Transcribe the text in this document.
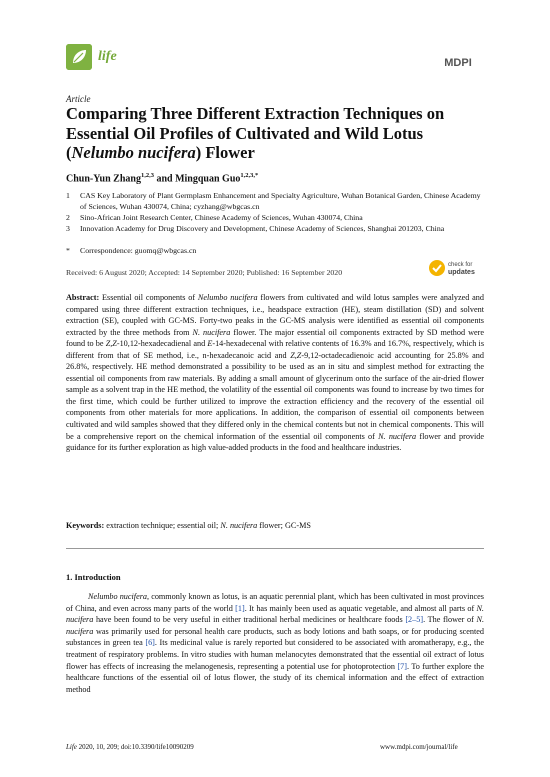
life	MDPI
Article
Comparing Three Different Extraction Techniques on
Essential Oil Profiles of Cultivated and Wild Lotus
(Nelumbo nucifera) Flower
Chun-Yun Zhang$^{1,2,3}$ and Mingquan Guo$^{1,2,3,*}$
1 CAS Key Laboratory of Plant Germplasm Enhancement and Specialty Agriculture, Wuhan Botanical Garden, Chinese Academy of Sciences, Wuhan 430074, China; cyzhang@wbgcas.cn
2 Sino-African Joint Research Center, Chinese Academy of Sciences, Wuhan 430074, China
3 Innovation Academy for Drug Discovery and Development, Chinese Academy of Sciences, Shanghai 201203, China
* Correspondence: guomq@wbgcas.cn
Received: 6 August 2020; Accepted: 14 September 2020; Published: 16 September 2020
check for
updates
Abstract: Essential oil components of Nelumbo nucifera flowers from cultivated and wild lotus samples were analyzed and compared using three different extraction techniques, i.e., headspace extraction (HE), steam distillation (SD) and solvent extraction (SE), coupled with GC-MS. Forty-two peaks in the GC-MS analysis were identified as essential oil components extracted by the three methods from N. nucifera flower. The major essential oil components extracted by SD method were found to be Z,Z-10,12-hexadecadienal and E-14-hexadecenal with relative contents of 16.3% and 16.7%, respectively, which is different from that of SE method, i.e., n-hexadecanoic acid and Z,Z-9,12-octadecadienoic acid accounting for 25.8% and 26.8%, respectively. HE method demonstrated a possibility to be used as an in situ and simplest method for extracting the essential oil components from raw materials. By adding a small amount of glycerinum onto the surface of the air-dried flower sample as a solvent trap in the HE method, the volatility of the essential oil components was found to increase by two times for the first time, which could be further utilized to improve the extraction efficiency and the recovery of the essential oil components from other materials for more applications. In addition, the comparison of essential oil components between cultivated and wild samples showed that they differed only in the chemical contents but not in chemical components. This will be a comprehensive report on the chemical information of the essential oil components of N. nucifera flower and provide guidance for its further exploration as high value-added products in the food and healthcare industries.
Keywords: extraction technique; essential oil; N. nucifera flower; GC-MS
1. Introduction
Nelumbo nucifera, commonly known as lotus, is an aquatic perennial plant, which has been cultivated in most provinces of China, and even across many parts of the world [1]. It has mainly been used as aquatic vegetable, and almost all parts of N. nucifera have been found to be very useful in either traditional herbal medicines or healthcare foods [2–5]. The flower of N. nucifera was primarily used for personal health care products, such as body lotions and bath soaps, or for producing scented substances in green tea [6]. Its medicinal value is rarely reported but considered to be associated with aromatherapy, e.g., the treatment of respiratory problems. In vitro studies with human melanocytes demonstrated that the essential oil extract of lotus flower has effects of increasing the melanogenesis, representing a potential use for photoprotection [7]. To further explore the healthcare functions of the essential oil of lotus flower, the study of its chemical information and the effect of extraction method
Life 2020, 10, 209; doi:10.3390/life10090209	www.mdpi.com/journal/life
